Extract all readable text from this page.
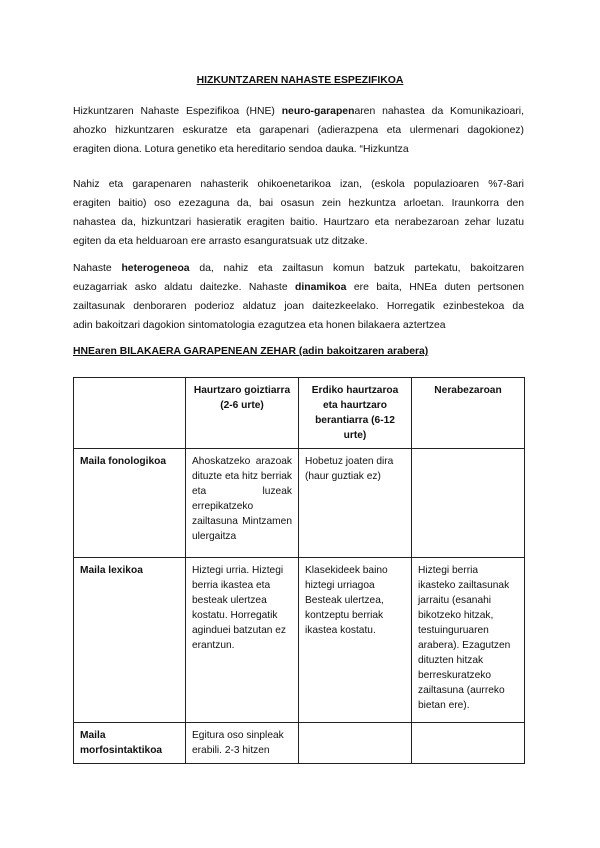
HIZKUNTZAREN NAHASTE ESPEZIFIKOA
Hizkuntzaren Nahaste Espezifikoa (HNE) neuro-garapenaren nahastea da Komunikazioari,
ahozko hizkuntzaren eskuratze eta garapenari (adierazpena eta ulermenari dagokionez)
eragiten diona. Lotura genetiko eta hereditario sendoa dauka. “Hizkuntza
Nahiz eta garapenaren nahasterik ohikoenetarikoa izan, (eskola populazioaren %7-8ari
eragiten baitio) oso ezezaguna da, bai osasun zein hezkuntza arloetan. Iraunkorra den
nahastea da, hizkuntzari hasieratik eragiten baitio. Haurtzaro eta nerabezaroan zehar luzatu
egiten da eta helduaroan ere arrasto esanguratsuak utz ditzake.
Nahaste heterogeneoa da, nahiz eta zailtasun komun batzuk partekatu, bakoitzaren
euzagarriak asko aldatu daitezke. Nahaste dinamikoa ere baita, HNEa duten pertsonen
zailtasunak denboraren poderioz aldatuz joan daitezkeelako. Horregatik ezinbestekoa da
adin bakoitzari dagokion sintomatologia ezagutzea eta honen bilakaera aztertzea
HNEaren BILAKAERA GARAPENEAN ZEHAR (adin bakoitzaren arabera)
	Haurtzaro goiztiarra (2-6 urte)	Erdiko haurtzaroa eta haurtzaro berantiarra (6-12 urte)	Nerabezaroan
Maila fonologikoa	Ahoskatzeko arazoak dituzte eta hitz berriak eta luzeak errepikatzeko zailtasuna Mintzamen ulergaitza	Hobetuz joaten dira (haur guztiak ez)	
Maila lexikoa	Hiztegi urria. Hiztegi berria ikastea eta besteak ulertzea kostatu. Horregatik aginduei batzutan ez erantzun.	Klasekideek baino hiztegi urriagoa Besteak ulertzea, kontzeptu berriak ikastea kostatu.	Hiztegi berria ikasteko zailtasunak jarraitu (esanahi bikotzeko hitzak, testuinguruaren arabera). Ezagutzen dituzten hitzak berreskuratzeko zailtasuna (aurreko bietan ere).
Maila morfosintaktikoa	Egitura oso sinpleak erabili. 2-3 hitzen		
